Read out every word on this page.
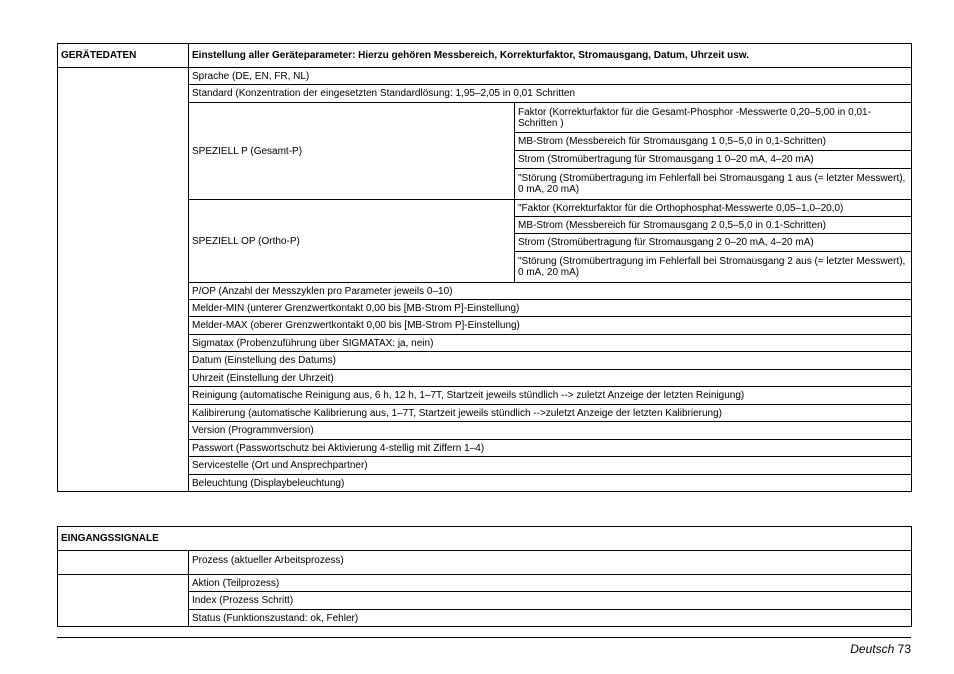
GERÄTEDATEN	Einstellung aller Geräteparameter: Hierzu gehören Messbereich, Korrekturfaktor, Stromausgang, Datum, Uhrzeit usw.	
	Sprache (DE, EN, FR, NL)	
	Standard (Konzentration der eingesetzten Standardlösung: 1,95–2,05 in 0,01 Schritten	
	SPEZIELL P (Gesamt-P)	Faktor (Korrekturfaktor für die Gesamt-Phosphor -Messwerte 0,20–5,00 in 0,01-Schritten )
		MB-Strom (Messbereich für Stromausgang 1 0,5–5,0 in 0,1-Schritten)
		Strom (Stromübertragung für Stromausgang 1 0–20 mA, 4–20 mA)
		"Störung (Stromübertragung im Fehlerfall bei Stromausgang 1 aus (= letzter Messwert), 0 mA, 20 mA)
	SPEZIELL OP (Ortho-P)	"Faktor (Korrekturfaktor für die Orthophosphat-Messwerte 0,05–1,0–20,0)
		MB-Strom (Messbereich für Stromausgang 2 0,5–5,0 in 0.1-Schritten)
		Strom (Stromübertragung für Stromausgang 2 0–20 mA, 4–20 mA)
		"Störung (Stromübertragung im Fehlerfall bei Stromausgang 2 aus (= letzter Messwert), 0 mA, 20 mA)
	P/OP (Anzahl der Messzyklen pro Parameter jeweils 0–10)	
	Melder-MIN (unterer Grenzwertkontakt 0,00 bis [MB-Strom P]-Einstellung)	
	Melder-MAX (oberer Grenzwertkontakt 0,00 bis [MB-Strom P]-Einstellung)	
	Sigmatax (Probenzuführung über SIGMATAX: ja, nein)	
	Datum (Einstellung des Datums)	
	Uhrzeit (Einstellung der Uhrzeit)	
	Reinigung (automatische Reinigung aus, 6 h, 12 h, 1–7T, Startzeit jeweils stündlich --> zuletzt Anzeige der letzten Reinigung)	
	Kalibirerung (automatische Kalibrierung aus, 1–7T, Startzeit jeweils stündlich -->zuletzt Anzeige der letzten Kalibrierung)	
	Version (Programmversion)	
	Passwort (Passwortschutz bei Aktivierung 4-stellig mit Ziffern 1–4)	
	Servicestelle (Ort und Ansprechpartner)	
	Beleuchtung (Displaybeleuchtung)	
EINGANGSSIGNALE	
	Prozess (aktueller Arbeitsprozess)
	Aktion (Teilprozess)
	Index (Prozess Schritt)
	Status (Funktionszustand: ok, Fehler)
Deutsch 73
